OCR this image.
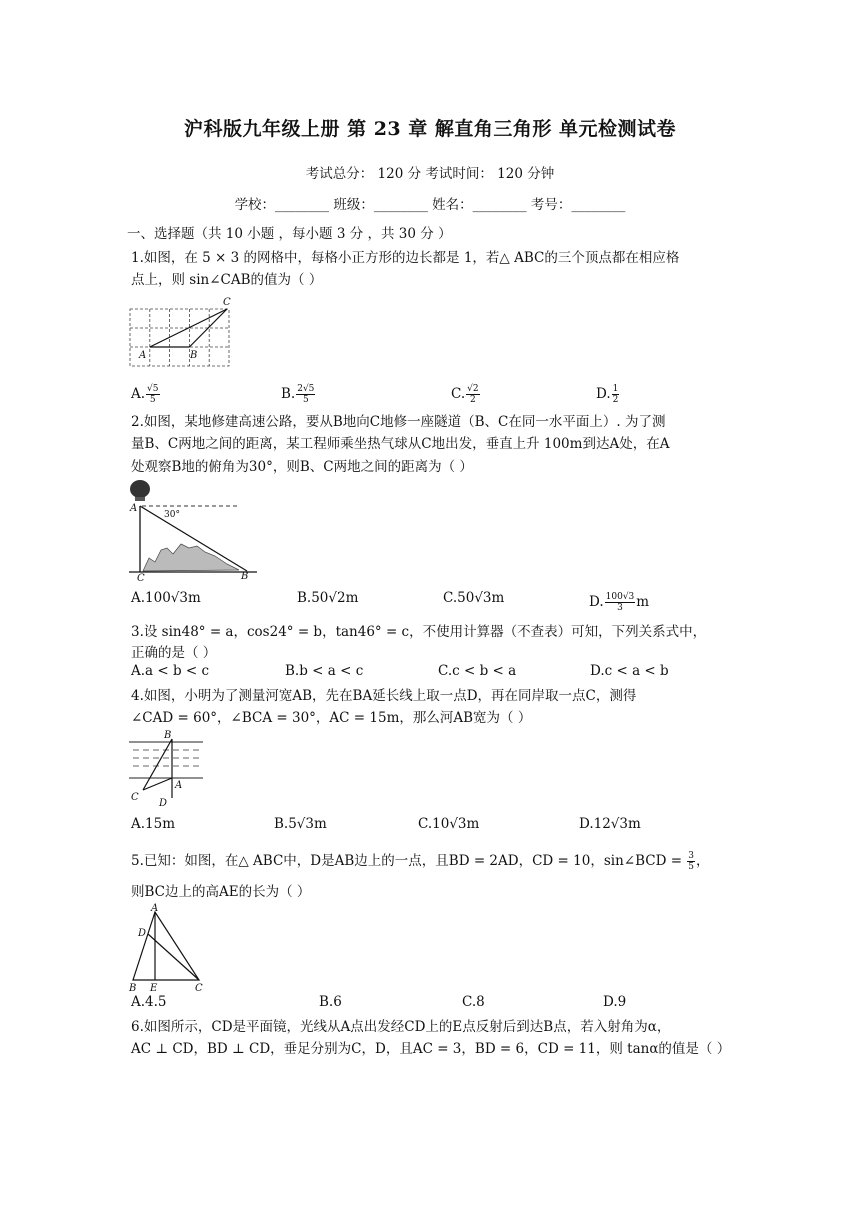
沪科版九年级上册 第 23 章 解直角三角形 单元检测试卷
考试总分： 120 分 考试时间： 120 分钟
学校：________ 班级：________ 姓名：________ 考号：________
一、选择题（共 10 小题 ，每小题 3 分 ，共 30 分 ）
1.如图，在 5 × 3 的网格中，每格小正方形的边长都是 1，若△ ABC的三个顶点都在相应格
点上，则 sin∠CAB的值为（ ）
A	B
C
A. $\frac{√5}{5}$	B. $\frac{2√5}{5}$	C. $\frac{√2}{2}$	D. $\frac{1}{2}$
2.如图，某地修建高速公路，要从B地向C地修一座隧道（B、C在同一水平面上）. 为了测
量B、C两地之间的距离，某工程师乘坐热气球从C地出发，垂直上升 100m到达A处，在A
处观察B地的俯角为30°，则B、C两地之间的距离为（ ）
A
30°
C	B
A.100√3m	B.50√2m	C.50√3m	D. $\frac{100√3}{3}$ m
3.设 sin48° = a，cos24° = b，tan46° = c，不使用计算器（不查表）可知，下列关系式中，
正确的是（ ）
A.a < b < c	B.b < a < c	C.c < b < a	D.c < a < b
4.如图，小明为了测量河宽AB，先在BA延长线上取一点D，再在同岸取一点C，测得
∠CAD = 60°，∠BCA = 30°，AC = 15m，那么河AB宽为（ ）
B
A
C
D
A.15m	B.5√3m	C.10√3m	D.12√3m
5.已知：如图，在△ ABC中，D是AB边上的一点，且BD = 2AD，CD = 10，sin∠BCD = $\frac{3}{5}$ ，
则BC边上的高AE的长为（ ）
A
D
B E	C
A.4.5	B.6	C.8	D.9
6.如图所示，CD是平面镜，光线从A点出发经CD上的E点反射后到达B点，若入射角为α，
AC ⊥ CD，BD ⊥ CD，垂足分别为C，D，且AC = 3，BD = 6，CD = 11，则 tanα的值是（ ）
